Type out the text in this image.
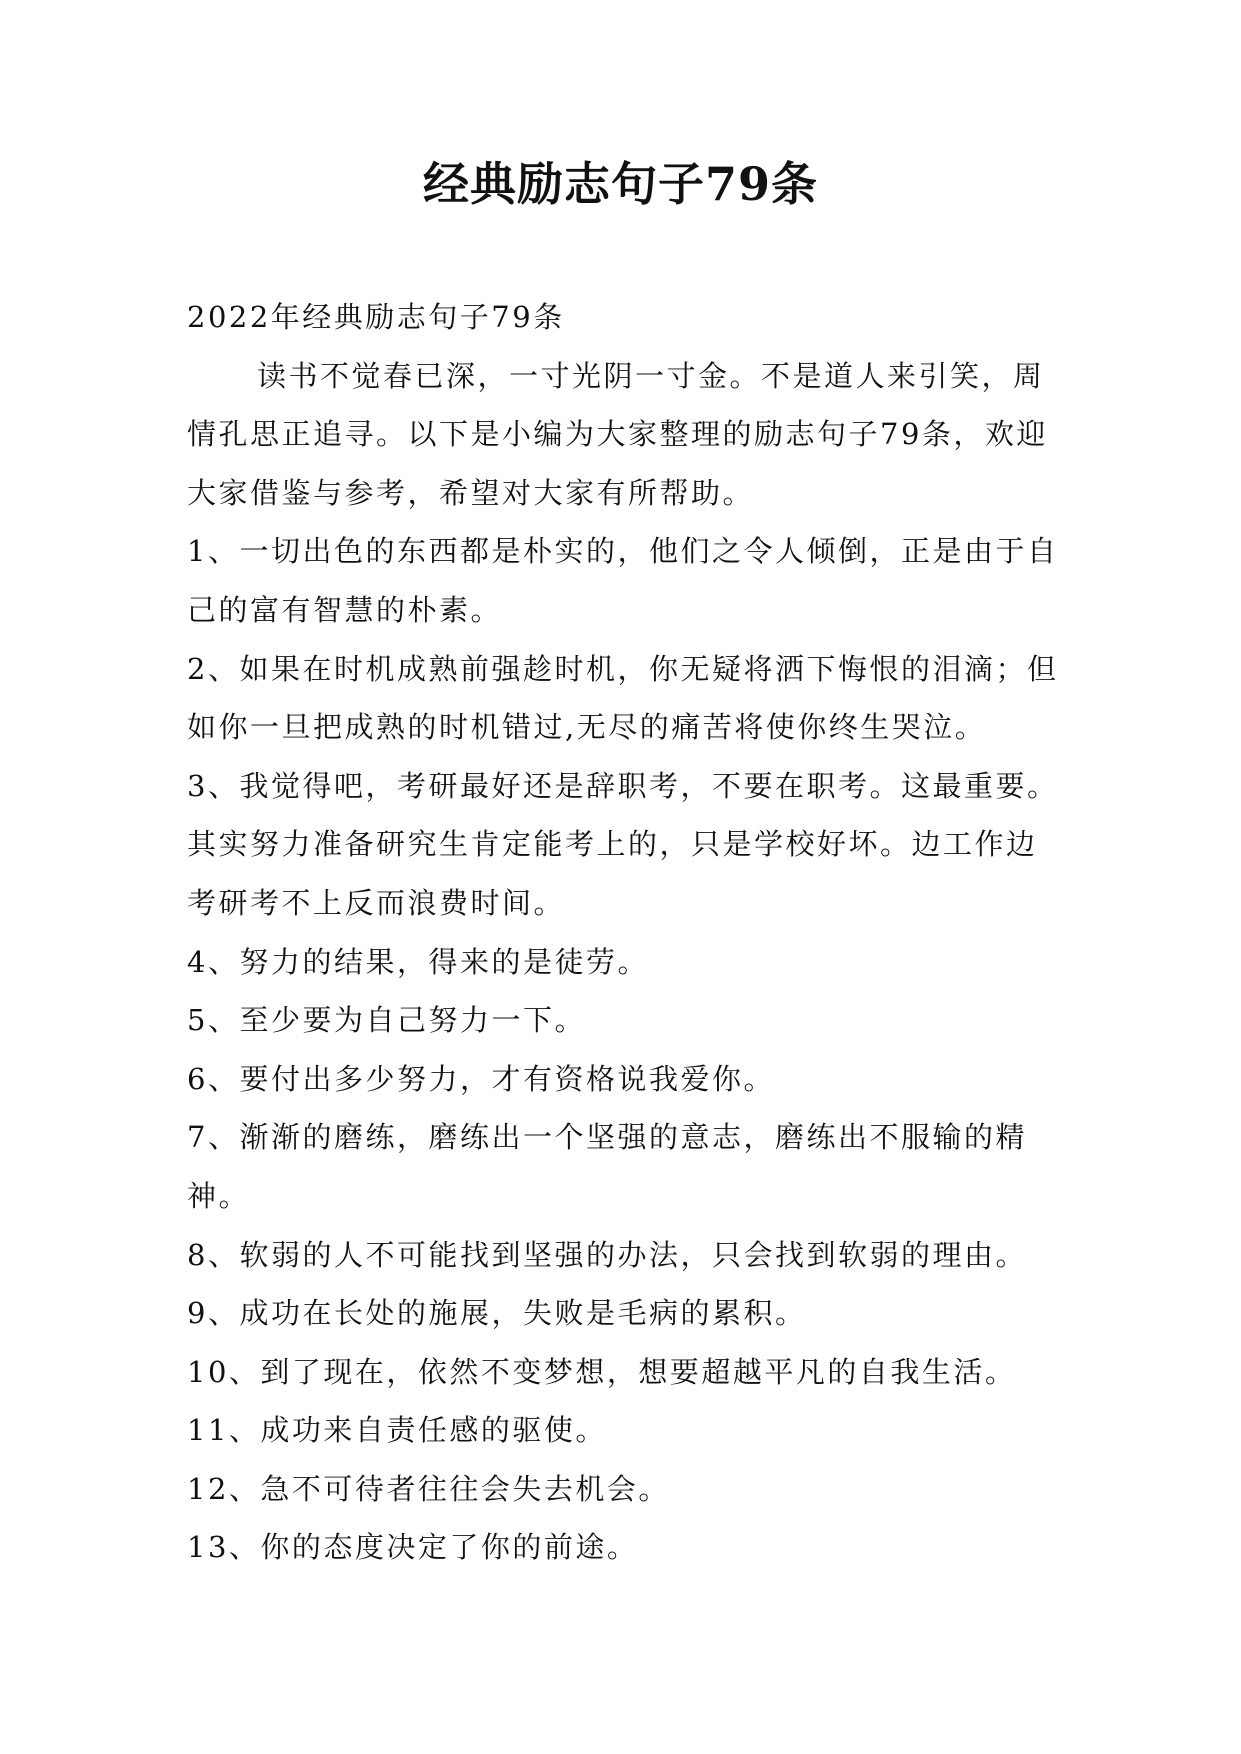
经典励志句子79条

2022年经典励志句子79条

读书不觉春已深，一寸光阴一寸金。不是道人来引笑，周情孔思正追寻。以下是小编为大家整理的励志句子79条，欢迎大家借鉴与参考，希望对大家有所帮助。

1、一切出色的东西都是朴实的，他们之令人倾倒，正是由于自己的富有智慧的朴素。

2、如果在时机成熟前强趁时机，你无疑将洒下悔恨的泪滴；但如你一旦把成熟的时机错过,无尽的痛苦将使你终生哭泣。

3、我觉得吧，考研最好还是辞职考，不要在职考。这最重要。其实努力准备研究生肯定能考上的，只是学校好坏。边工作边考研考不上反而浪费时间。

4、努力的结果，得来的是徒劳。

5、至少要为自己努力一下。

6、要付出多少努力，才有资格说我爱你。

7、渐渐的磨练，磨练出一个坚强的意志，磨练出不服输的精神。

8、软弱的人不可能找到坚强的办法，只会找到软弱的理由。

9、成功在长处的施展，失败是毛病的累积。

10、到了现在，依然不变梦想，想要超越平凡的自我生活。

11、成功来自责任感的驱使。

12、急不可待者往往会失去机会。

13、你的态度决定了你的前途。
